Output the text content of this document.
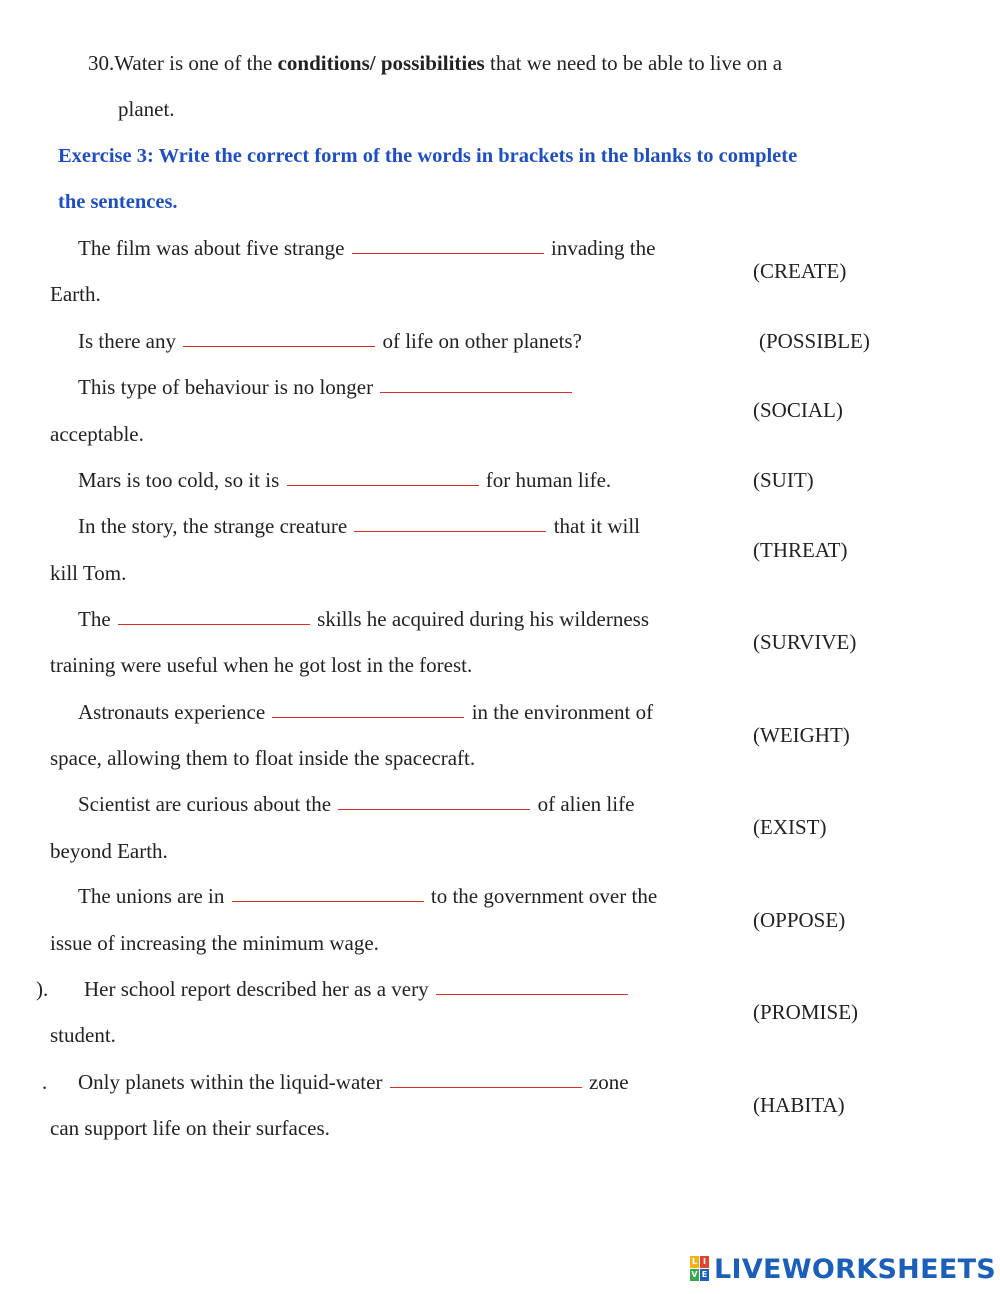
30.Water is one of the conditions/ possibilities that we need to be able to live on a
planet.
Exercise 3: Write the correct form of the words in brackets in the blanks to complete
the sentences.
The film was about five strange	invading the
Earth.
(CREATE)
Is there any	of life on other planets?	(POSSIBLE)
This type of behaviour is no longer
acceptable.
(SOCIAL)
Mars is too cold, so it is	for human life.	(SUIT)
In the story, the strange creature	that it will
kill Tom.
(THREAT)
The	skills he acquired during his wilderness
training were useful when he got lost in the forest.
(SURVIVE)
Astronauts experience	in the environment of
space, allowing them to float inside the spacecraft.
(WEIGHT)
Scientist are curious about the	of alien life
beyond Earth.
(EXIST)
The unions are in	to the government over the
issue of increasing the minimum wage.
(OPPOSE)
). Her school report described her as a very
student.
(PROMISE)
. Only planets within the liquid-water	zone
can support life on their surfaces.
(HABITA)
L I
V E LIVEWORKSHEETS
